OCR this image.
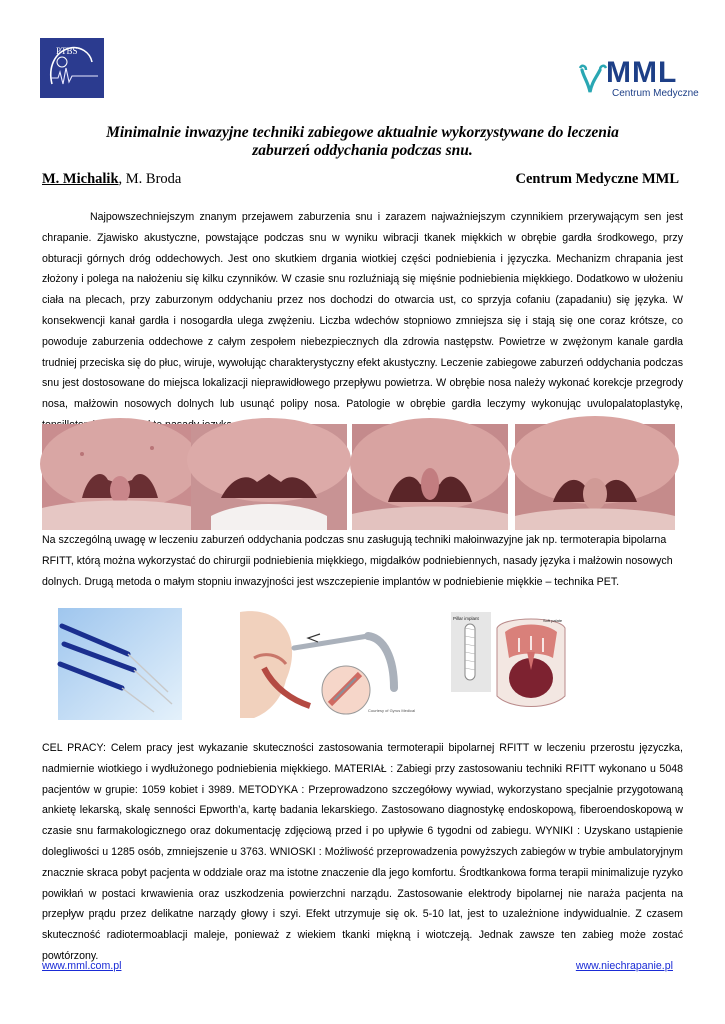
PTBS
MML
Centrum Medyczne
Minimalnie inwazyjne techniki zabiegowe aktualnie wykorzystywane do leczenia
zaburzeń oddychania podczas snu.
M. Michalik, M. Broda	Centrum Medyczne MML
Najpowszechniejszym znanym przejawem zaburzenia snu i zarazem najważniejszym czynnikiem przerywającym sen jest chrapanie. Zjawisko akustyczne, powstające podczas snu w wyniku wibracji tkanek miękkich w obrębie gardła środkowego, przy obturacji górnych dróg oddechowych. Jest ono skutkiem drgania wiotkiej części podniebienia i języczka. Mechanizm chrapania jest złożony i polega na nałożeniu się kilku czynników. W czasie snu rozluźniają się mięśnie podniebienia miękkiego. Dodatkowo w ułożeniu ciała na plecach, przy zaburzonym oddychaniu przez nos dochodzi do otwarcia ust, co sprzyja cofaniu (zapadaniu) się języka. W konsekwencji kanał gardła i nosogardła ulega zwężeniu. Liczba wdechów stopniowo zmniejsza się i stają się one coraz krótsze, co powoduje zaburzenia oddechowe z całym zespołem niebezpiecznych dla zdrowia następstw. Powietrze w zwężonym kanale gardła trudniej przeciska się do płuc, wiruje, wywołując charakterystyczny efekt akustyczny. Leczenie zabiegowe zaburzeń oddychania podczas snu jest dostosowane do miejsca lokalizacji nieprawidłowego przepływu powietrza. W obrębie nosa należy wykonać korekcje przegrody nosa, małżowin nosowych dolnych lub usunąć polipy nosa. Patologie w obrębie gardła leczymy wykonując uvulopalatoplastykę,
Na szczególną uwagę w leczeniu zaburzeń oddychania podczas snu zasługują techniki małoinwazyjne jak np. termoterapia bipolarna RFITT, którą można wykorzystać do chirurgii podniebienia miękkiego, migdałków podniebiennych, nasady języka i małżowin nosowych dolnych. Drugą metoda o małym stopniu inwazyjności jest wszczepienie implantów w podniebienie miękkie – technika PET.
Courtesy of Gyrus Medical
Pillar implant	Soft palate
CEL PRACY: Celem pracy jest wykazanie skuteczności zastosowania termoterapii bipolarnej RFITT w leczeniu przerostu języczka, nadmiernie wiotkiego i wydłużonego podniebienia miękkiego. MATERIAŁ : Zabiegi przy zastosowaniu techniki RFITT wykonano u 5048 pacjentów w grupie: 1059 kobiet i 3989. METODYKA : Przeprowadzono szczegółowy wywiad, wykorzystano specjalnie przygotowaną ankietę lekarską, skalę senności Epworth’a, kartę badania lekarskiego. Zastosowano diagnostykę endoskopową, fiberoendoskopową w czasie snu farmakologicznego oraz dokumentację zdjęciową przed i po upływie 6 tygodni od zabiegu. WYNIKI : Uzyskano ustąpienie dolegliwości u 1285 osób, zmniejszenie u 3763. WNIOSKI : Możliwość przeprowadzenia powyższych zabiegów w trybie ambulatoryjnym znacznie skraca pobyt pacjenta w oddziale oraz ma istotne znaczenie dla jego komfortu. Środtkankowa forma terapii minimalizuje ryzyko powikłań w postaci krwawienia oraz uszkodzenia powierzchni narządu. Zastosowanie elektrody bipolarnej nie naraża pacjenta na przepływ prądu przez delikatne narządy głowy i szyi. Efekt utrzymuje się ok. 5-10 lat, jest to uzależnione indywidualnie. Z czasem skuteczność radiotermoablacji maleje, ponieważ z wiekiem tkanki miękną i wiotczeją. Jednak zawsze ten zabieg może zostać powtórzony.
www.mml.com.pl	www.niechrapanie.pl
